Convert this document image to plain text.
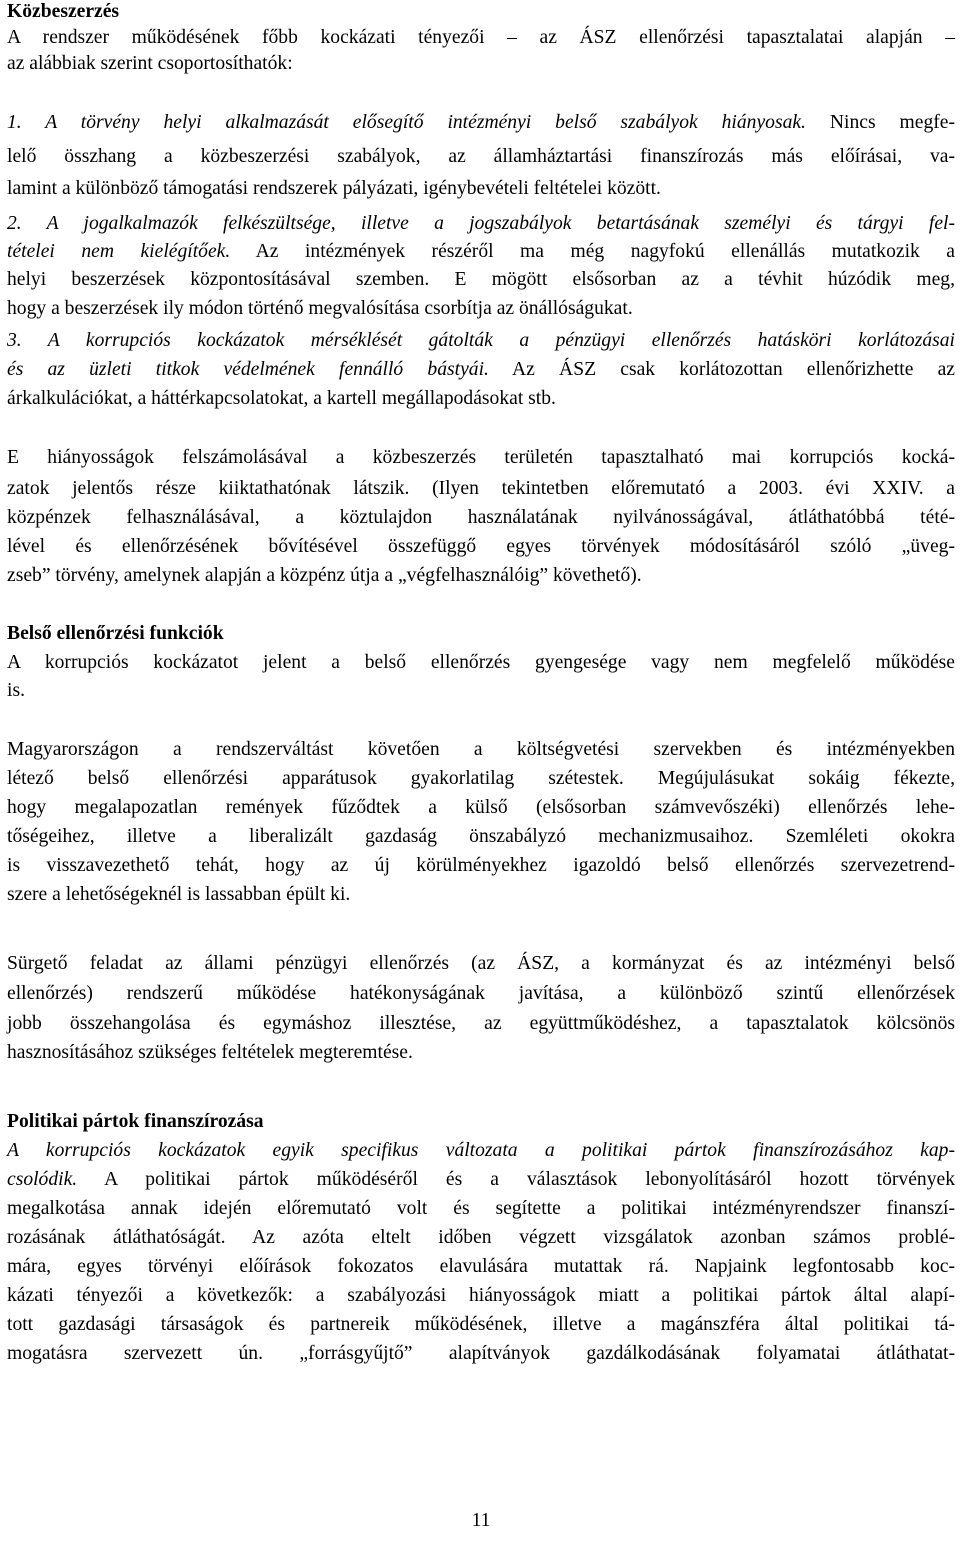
Közbeszerzés
A rendszer működésének főbb kockázati tényezői – az ÁSZ ellenőrzési tapasztalatai alapján –
az alábbiak szerint csoportosíthatók:
1. A törvény helyi alkalmazását elősegítő intézményi belső szabályok hiányosak. Nincs megfe-
lelő összhang a közbeszerzési szabályok, az államháztartási finanszírozás más előírásai, va-
lamint a különböző támogatási rendszerek pályázati, igénybevételi feltételei között.
2. A jogalkalmazók felkészültsége, illetve a jogszabályok betartásának személyi és tárgyi fel-
tételei nem kielégítőek. Az intézmények részéről ma még nagyfokú ellenállás mutatkozik a
helyi beszerzések központosításával szemben. E mögött elsősorban az a tévhit húzódik meg,
hogy a beszerzések ily módon történő megvalósítása csorbítja az önállóságukat.
3. A korrupciós kockázatok mérséklését gátolták a pénzügyi ellenőrzés hatásköri korlátozásai
és az üzleti titkok védelmének fennálló bástyái. Az ÁSZ csak korlátozottan ellenőrizhette az
árkalkulációkat, a háttérkapcsolatokat, a kartell megállapodásokat stb.
E hiányosságok felszámolásával a közbeszerzés területén tapasztalható mai korrupciós kocká-
zatok jelentős része kiiktathatónak látszik. (Ilyen tekintetben előremutató a 2003. évi XXIV. a
közpénzek felhasználásával, a köztulajdon használatának nyilvánosságával, átláthatóbbá tété-
lével és ellenőrzésének bővítésével összefüggő egyes törvények módosításáról szóló „üveg-
zseb” törvény, amelynek alapján a közpénz útja a „végfelhasználóig” követhető).
Belső ellenőrzési funkciók
A korrupciós kockázatot jelent a belső ellenőrzés gyengesége vagy nem megfelelő működése
is.
Magyarországon a rendszerváltást követően a költségvetési szervekben és intézményekben
létező belső ellenőrzési apparátusok gyakorlatilag szétestek. Megújulásukat sokáig fékezte,
hogy megalapozatlan remények fűződtek a külső (elsősorban számvevőszéki) ellenőrzés lehe-
tőségeihez, illetve a liberalizált gazdaság önszabályzó mechanizmusaihoz. Szemléleti okokra
is visszavezethető tehát, hogy az új körülményekhez igazoldó belső ellenőrzés szervezetrend-
szere a lehetőségeknél is lassabban épült ki.
Sürgető feladat az állami pénzügyi ellenőrzés (az ÁSZ, a kormányzat és az intézményi belső
ellenőrzés) rendszerű működése hatékonyságának javítása, a különböző szintű ellenőrzések
jobb összehangolása és egymáshoz illesztése, az együttműködéshez, a tapasztalatok kölcsönös
hasznosításához szükséges feltételek megteremtése.
Politikai pártok finanszírozása
A korrupciós kockázatok egyik specifikus változata a politikai pártok finanszírozásához kap-
csolódik. A politikai pártok működéséről és a választások lebonyolításáról hozott törvények
megalkotása annak idején előremutató volt és segítette a politikai intézményrendszer finanszí-
rozásának átláthatóságát. Az azóta eltelt időben végzett vizsgálatok azonban számos problé-
mára, egyes törvényi előírások fokozatos elavulására mutattak rá. Napjaink legfontosabb koc-
kázati tényezői a következők: a szabályozási hiányosságok miatt a politikai pártok által alapí-
tott gazdasági társaságok és partnereik működésének, illetve a magánszféra által politikai tá-
mogatásra szervezett ún. „forrásgyűjtő” alapítványok gazdálkodásának folyamatai átláthatat-
11
